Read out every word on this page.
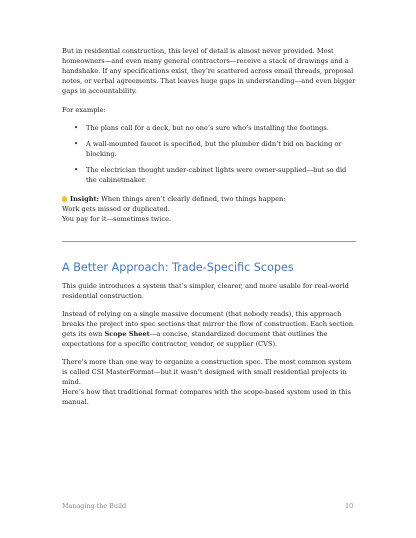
But in residential construction, this level of detail is almost never provided. Most homeowners—and even many general contractors—receive a stack of drawings and a handshake. If any specifications exist, they’re scattered across email threads, proposal notes, or verbal agreements. That leaves huge gaps in understanding—and even bigger gaps in accountability.

For example:

• The plans call for a deck, but no one’s sure who’s installing the footings.
• A wall-mounted faucet is specified, but the plumber didn’t bid on backing or blocking.
• The electrician thought under-cabinet lights were owner-supplied—but so did the cabinetmaker.

Insight: When things aren’t clearly defined, two things happen:

Work gets missed or duplicated.

You pay for it—sometimes twice.

A Better Approach: Trade-Specific Scopes

This guide introduces a system that’s simpler, clearer, and more usable for real-world residential construction.

Instead of relying on a single massive document (that nobody reads), this approach breaks the project into spec sections that mirror the flow of construction. Each section gets its own Scope Sheet—a concise, standardized document that outlines the expectations for a specific contractor, vendor, or supplier (CVS).

There’s more than one way to organize a construction spec. The most common system is called CSI MasterFormat—but it wasn’t designed with small residential projects in mind.
Here’s how that traditional format compares with the scope-based system used in this manual.

Managing the Build	10
